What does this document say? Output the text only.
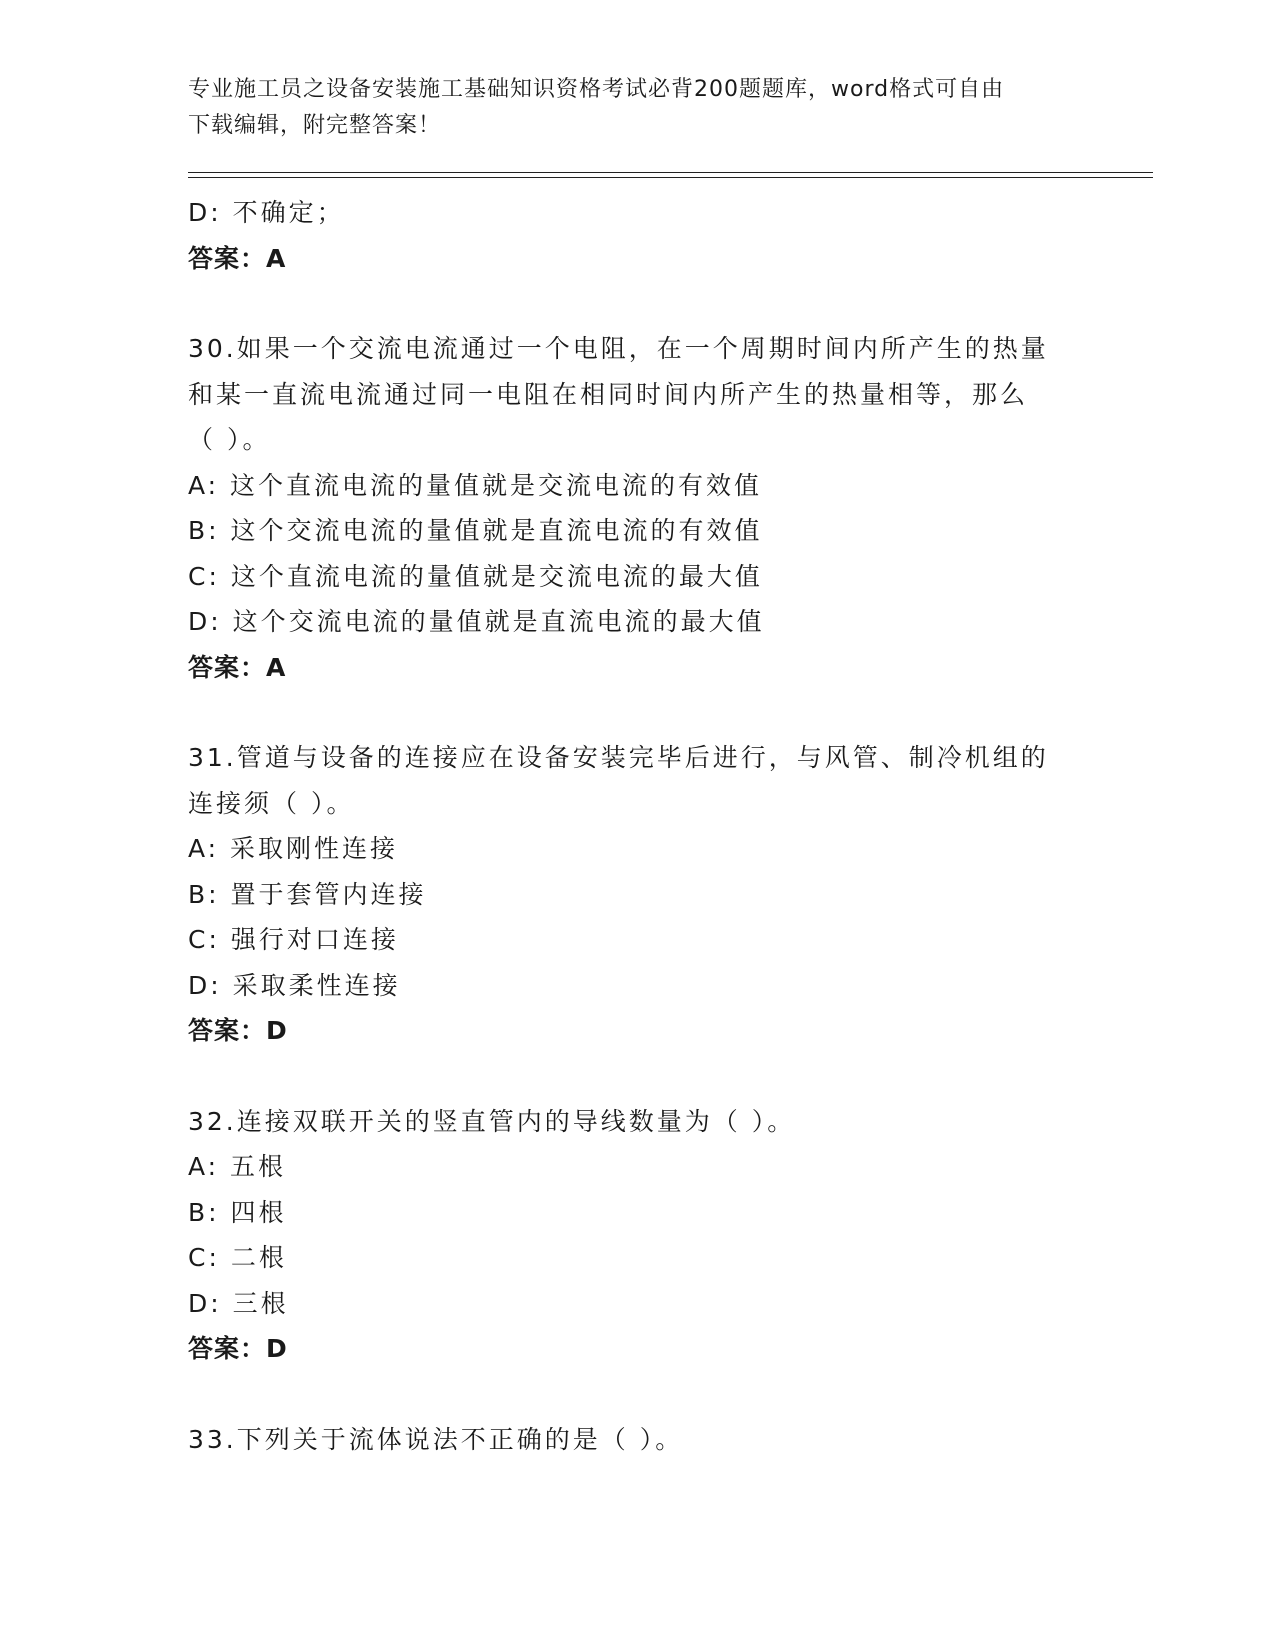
专业施工员之设备安装施工基础知识资格考试必背200题题库，word格式可自由
下载编辑，附完整答案！
D: 不确定；
答案：A
30.如果一个交流电流通过一个电阻，在一个周期时间内所产生的热量
和某一直流电流通过同一电阻在相同时间内所产生的热量相等，那么
（ ）。
A: 这个直流电流的量值就是交流电流的有效值
B: 这个交流电流的量值就是直流电流的有效值
C: 这个直流电流的量值就是交流电流的最大值
D: 这个交流电流的量值就是直流电流的最大值
答案：A
31.管道与设备的连接应在设备安装完毕后进行，与风管、制冷机组的
连接须（ ）。
A: 采取刚性连接
B: 置于套管内连接
C: 强行对口连接
D: 采取柔性连接
答案：D
32.连接双联开关的竖直管内的导线数量为（ ）。
A: 五根
B: 四根
C: 二根
D: 三根
答案：D
33.下列关于流体说法不正确的是（ ）。
